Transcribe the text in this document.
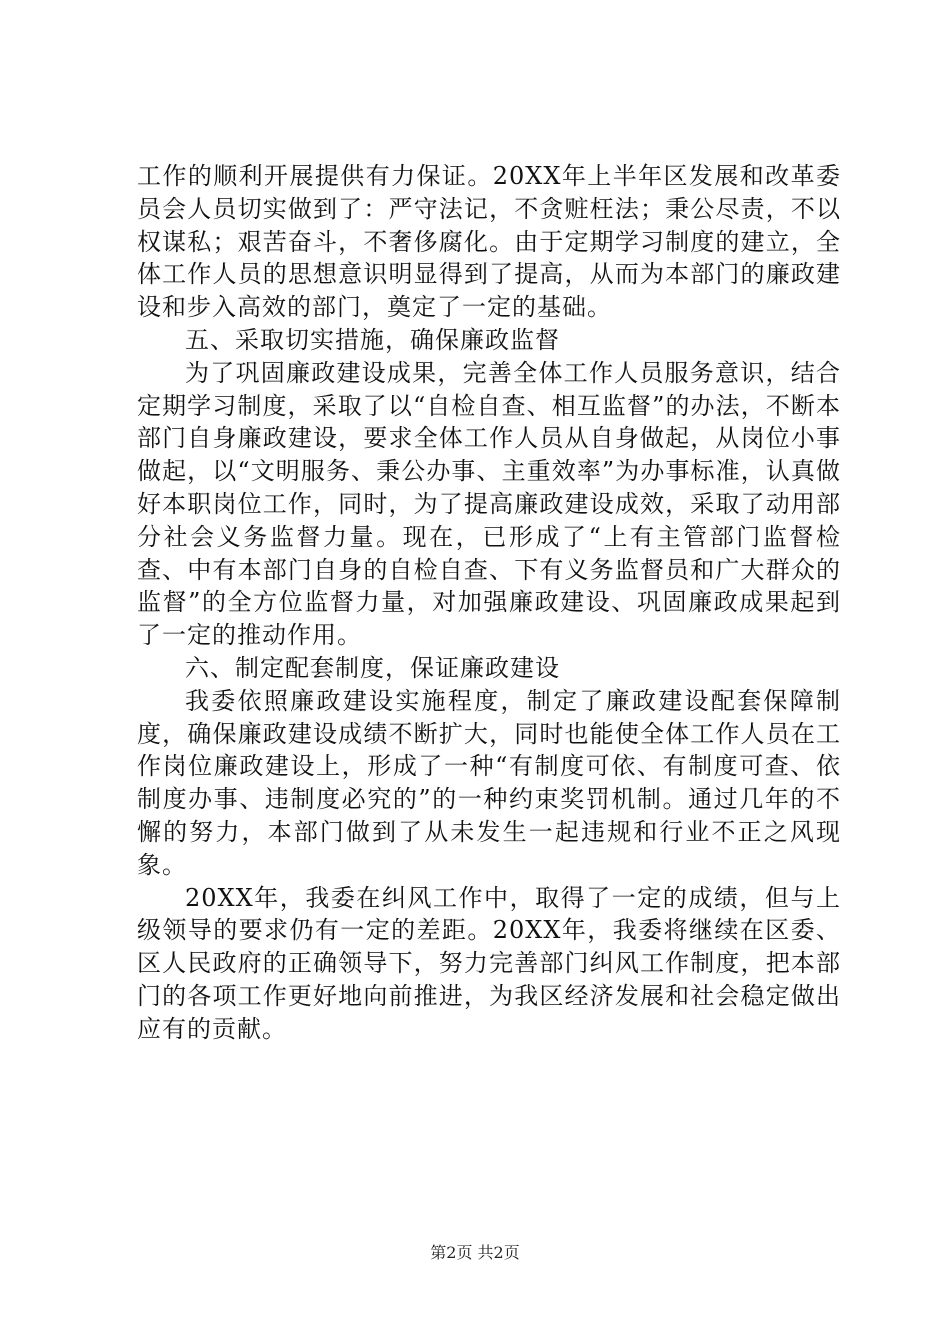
工作的顺利开展提供有力保证。20XX年上半年区发展和改革委员会人员切实做到了：严守法记，不贪赃枉法；秉公尽责，不以权谋私；艰苦奋斗，不奢侈腐化。由于定期学习制度的建立，全体工作人员的思想意识明显得到了提高，从而为本部门的廉政建设和步入高效的部门，奠定了一定的基础。

五、采取切实措施，确保廉政监督

为了巩固廉政建设成果，完善全体工作人员服务意识，结合定期学习制度，采取了以“自检自查、相互监督”的办法，不断本部门自身廉政建设，要求全体工作人员从自身做起，从岗位小事做起，以“文明服务、秉公办事、主重效率”为办事标准，认真做好本职岗位工作，同时，为了提高廉政建设成效，采取了动用部分社会义务监督力量。现在，已形成了“上有主管部门监督检查、中有本部门自身的自检自查、下有义务监督员和广大群众的监督”的全方位监督力量，对加强廉政建设、巩固廉政成果起到了一定的推动作用。

六、制定配套制度，保证廉政建设

我委依照廉政建设实施程度，制定了廉政建设配套保障制度，确保廉政建设成绩不断扩大，同时也能使全体工作人员在工作岗位廉政建设上，形成了一种“有制度可依、有制度可查、依制度办事、违制度必究的”的一种约束奖罚机制。通过几年的不懈的努力，本部门做到了从未发生一起违规和行业不正之风现象。

20XX年，我委在纠风工作中，取得了一定的成绩，但与上级领导的要求仍有一定的差距。20XX年，我委将继续在区委、区人民政府的正确领导下，努力完善部门纠风工作制度，把本部门的各项工作更好地向前推进，为我区经济发展和社会稳定做出应有的贡献。

第2页 共2页
